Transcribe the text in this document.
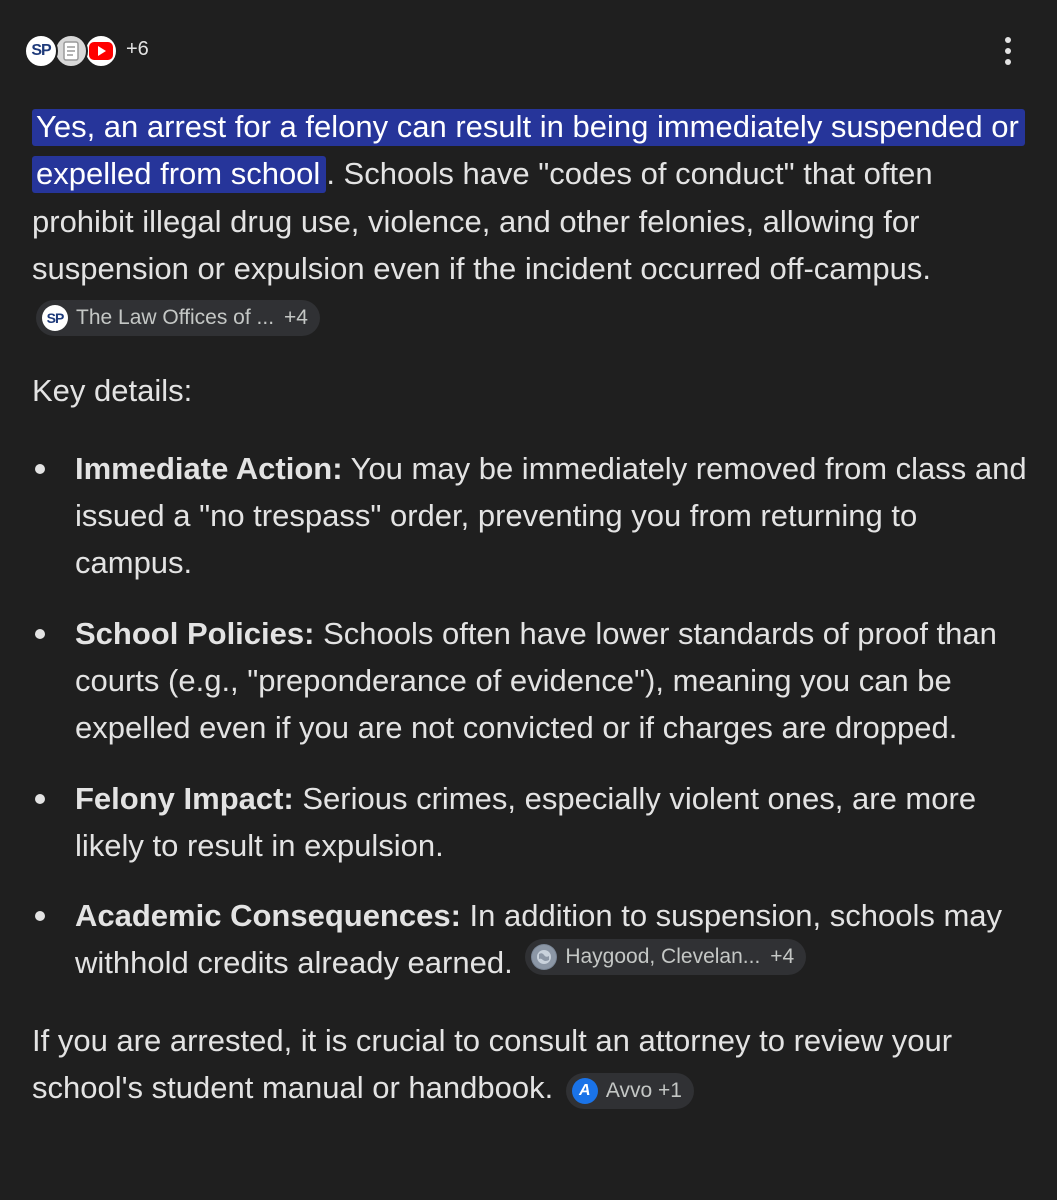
SP	+6

Yes, an arrest for a felony can result in being immediately suspended or expelled from school . Schools have "codes of conduct" that often prohibit illegal drug use, violence, and other felonies, allowing for suspension or expulsion even if the incident occurred off-campus.
SP The Law Offices of ... +4

Key details:

Immediate Action: You may be immediately removed from class and issued a "no trespass" order, preventing you from returning to campus.
School Policies: Schools often have lower standards of proof than courts (e.g., "preponderance of evidence"), meaning you can be expelled even if you are not convicted or if charges are dropped.
Felony Impact: Serious crimes, especially violent ones, are more likely to result in expulsion.
Academic Consequences: In addition to suspension, schools may withhold credits already earned.	Haygood, Clevelan... +4

If you are arrested, it is crucial to consult an attorney to review your school's student manual or handbook.	A Avvo +1
